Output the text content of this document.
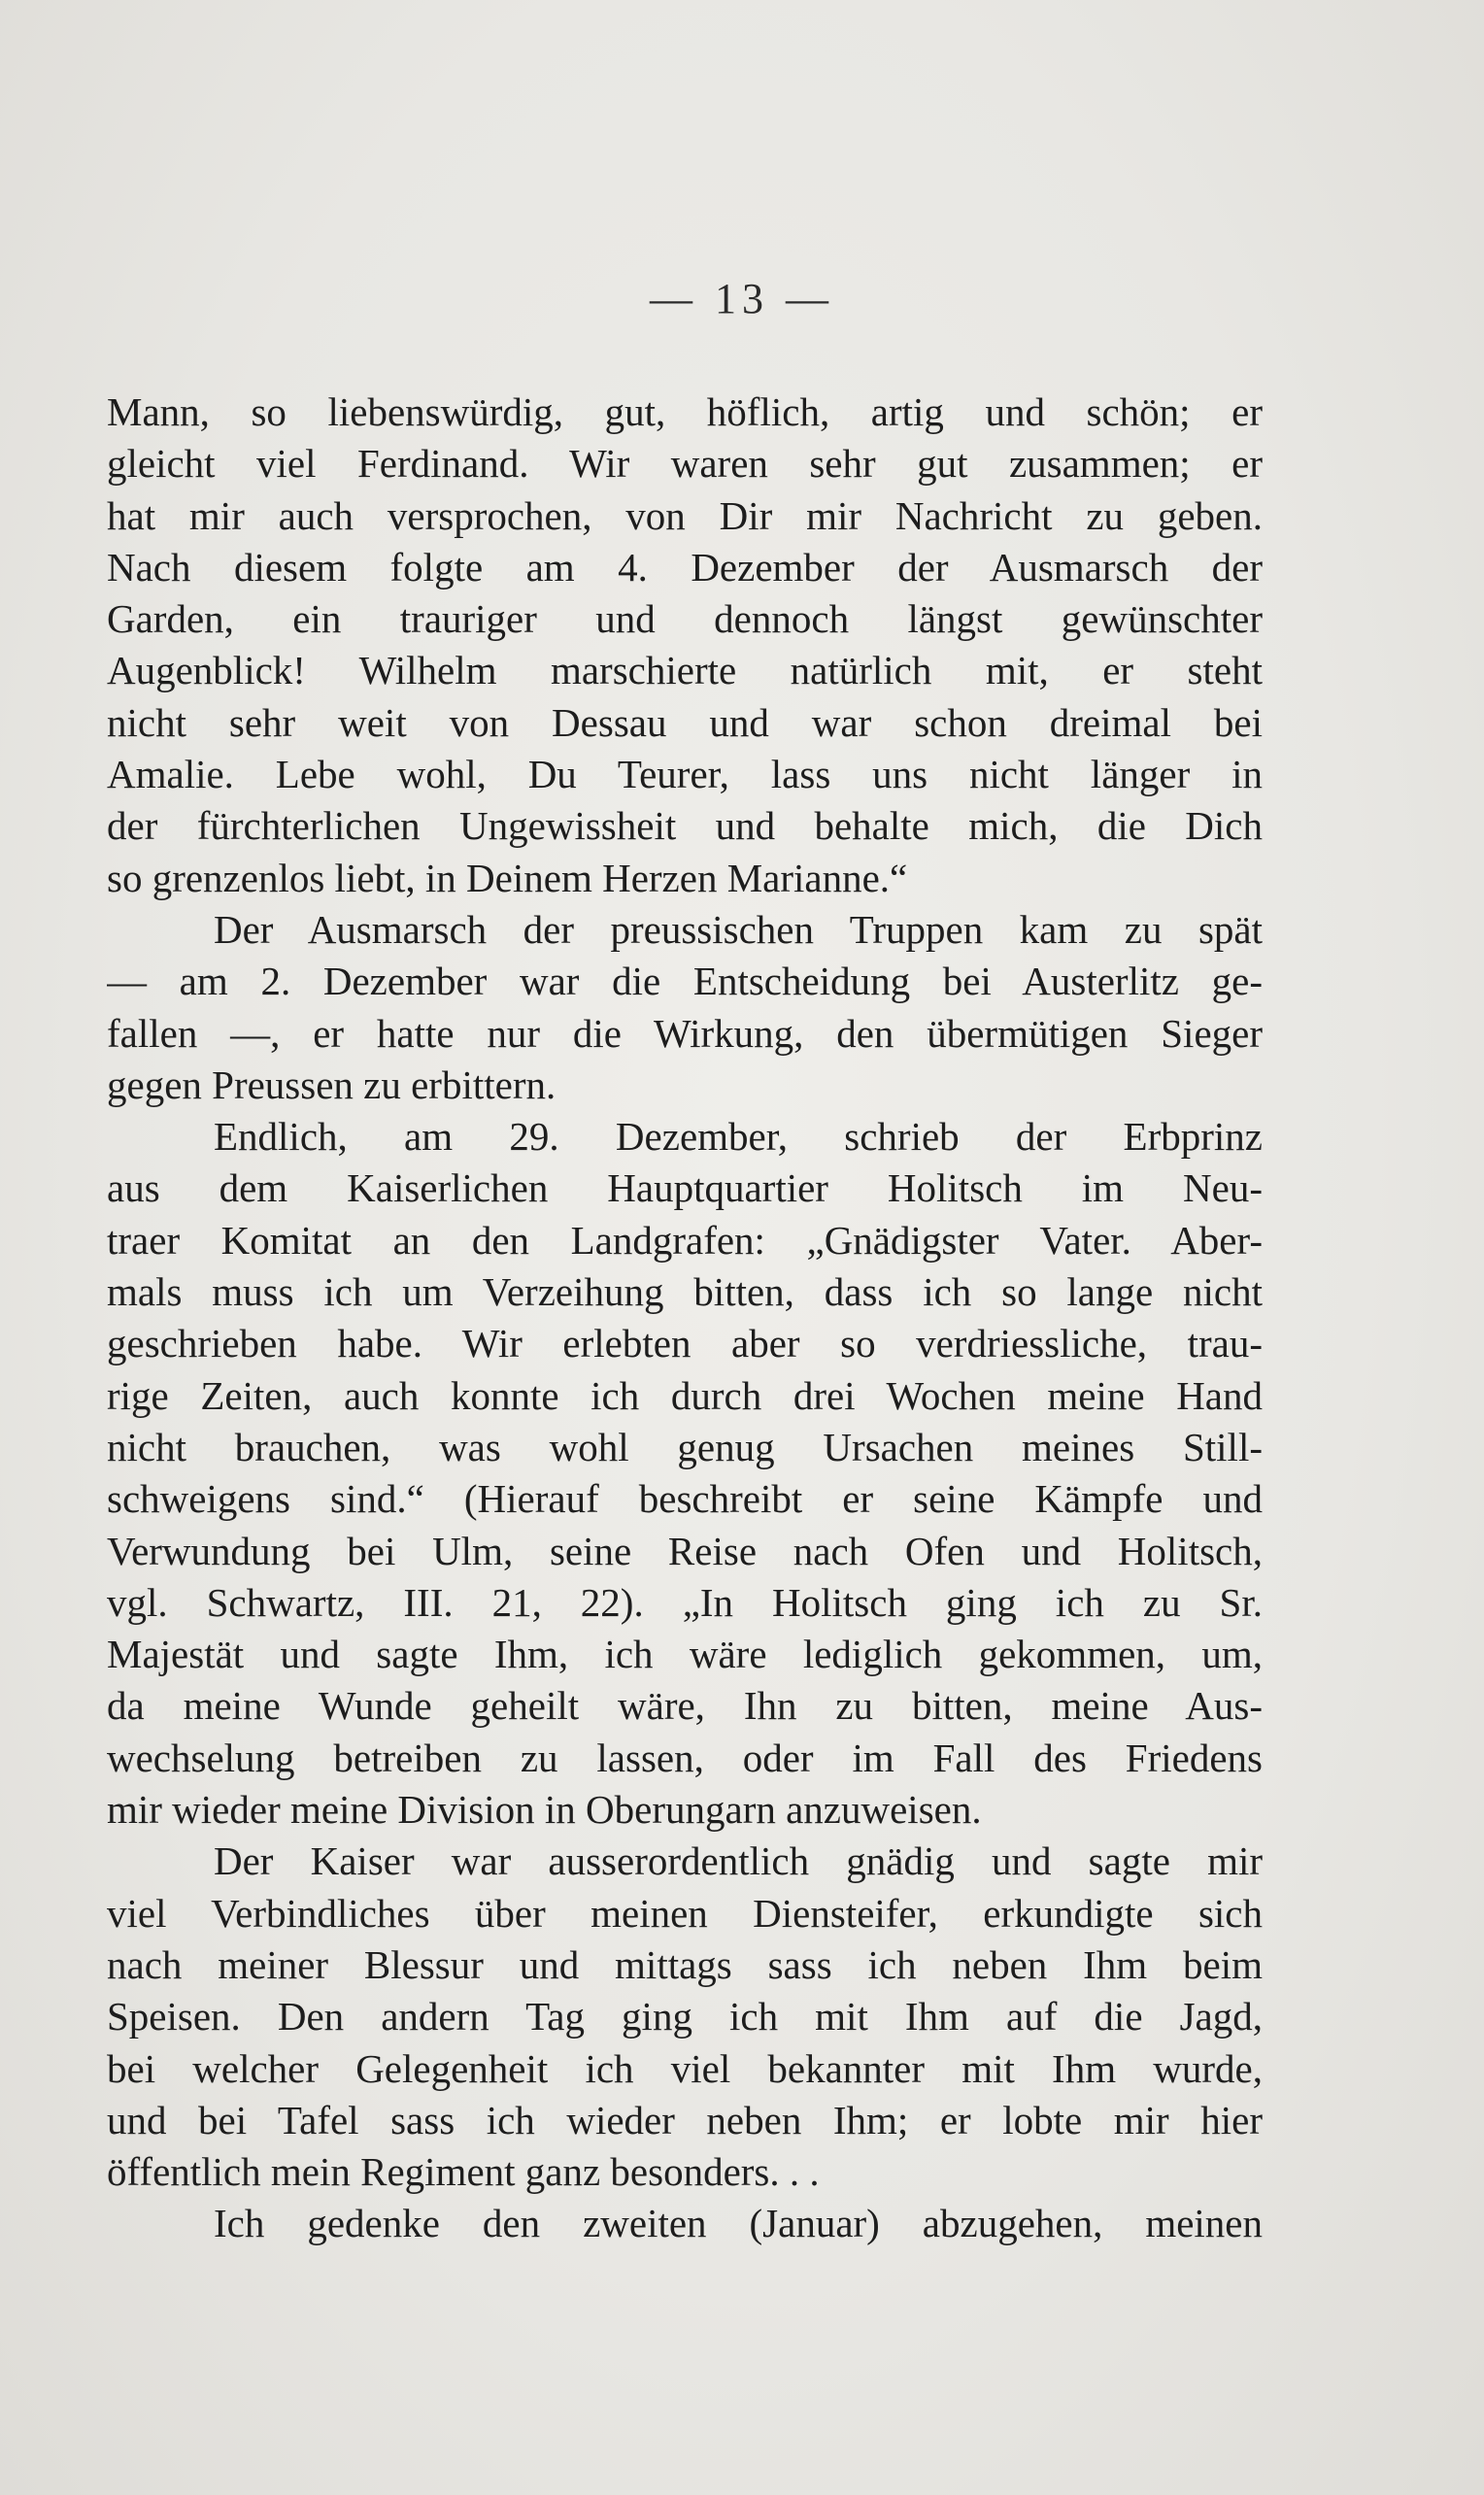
— 13 —
Mann, so liebenswürdig, gut, höflich, artig und schön; er
gleicht viel Ferdinand. Wir waren sehr gut zusammen; er
hat mir auch versprochen, von Dir mir Nachricht zu geben.
Nach diesem folgte am 4. Dezember der Ausmarsch der
Garden, ein trauriger und dennoch längst gewünschter
Augenblick! Wilhelm marschierte natürlich mit, er steht
nicht sehr weit von Dessau und war schon dreimal bei
Amalie. Lebe wohl, Du Teurer, lass uns nicht länger in
der fürchterlichen Ungewissheit und behalte mich, die Dich
so grenzenlos liebt, in Deinem Herzen Marianne.“
Der Ausmarsch der preussischen Truppen kam zu spät
— am 2. Dezember war die Entscheidung bei Austerlitz ge-
fallen —, er hatte nur die Wirkung, den übermütigen Sieger
gegen Preussen zu erbittern.
Endlich, am 29. Dezember, schrieb der Erbprinz
aus dem Kaiserlichen Hauptquartier Holitsch im Neu-
traer Komitat an den Landgrafen: „Gnädigster Vater. Aber-
mals muss ich um Verzeihung bitten, dass ich so lange nicht
geschrieben habe. Wir erlebten aber so verdriessliche, trau-
rige Zeiten, auch konnte ich durch drei Wochen meine Hand
nicht brauchen, was wohl genug Ursachen meines Still-
schweigens sind.“ (Hierauf beschreibt er seine Kämpfe und
Verwundung bei Ulm, seine Reise nach Ofen und Holitsch,
vgl. Schwartz, III. 21, 22). „In Holitsch ging ich zu Sr.
Majestät und sagte Ihm, ich wäre lediglich gekommen, um,
da meine Wunde geheilt wäre, Ihn zu bitten, meine Aus-
wechselung betreiben zu lassen, oder im Fall des Friedens
mir wieder meine Division in Oberungarn anzuweisen.
Der Kaiser war ausserordentlich gnädig und sagte mir
viel Verbindliches über meinen Diensteifer, erkundigte sich
nach meiner Blessur und mittags sass ich neben Ihm beim
Speisen. Den andern Tag ging ich mit Ihm auf die Jagd,
bei welcher Gelegenheit ich viel bekannter mit Ihm wurde,
und bei Tafel sass ich wieder neben Ihm; er lobte mir hier
öffentlich mein Regiment ganz besonders. . .
Ich gedenke den zweiten (Januar) abzugehen, meinen
